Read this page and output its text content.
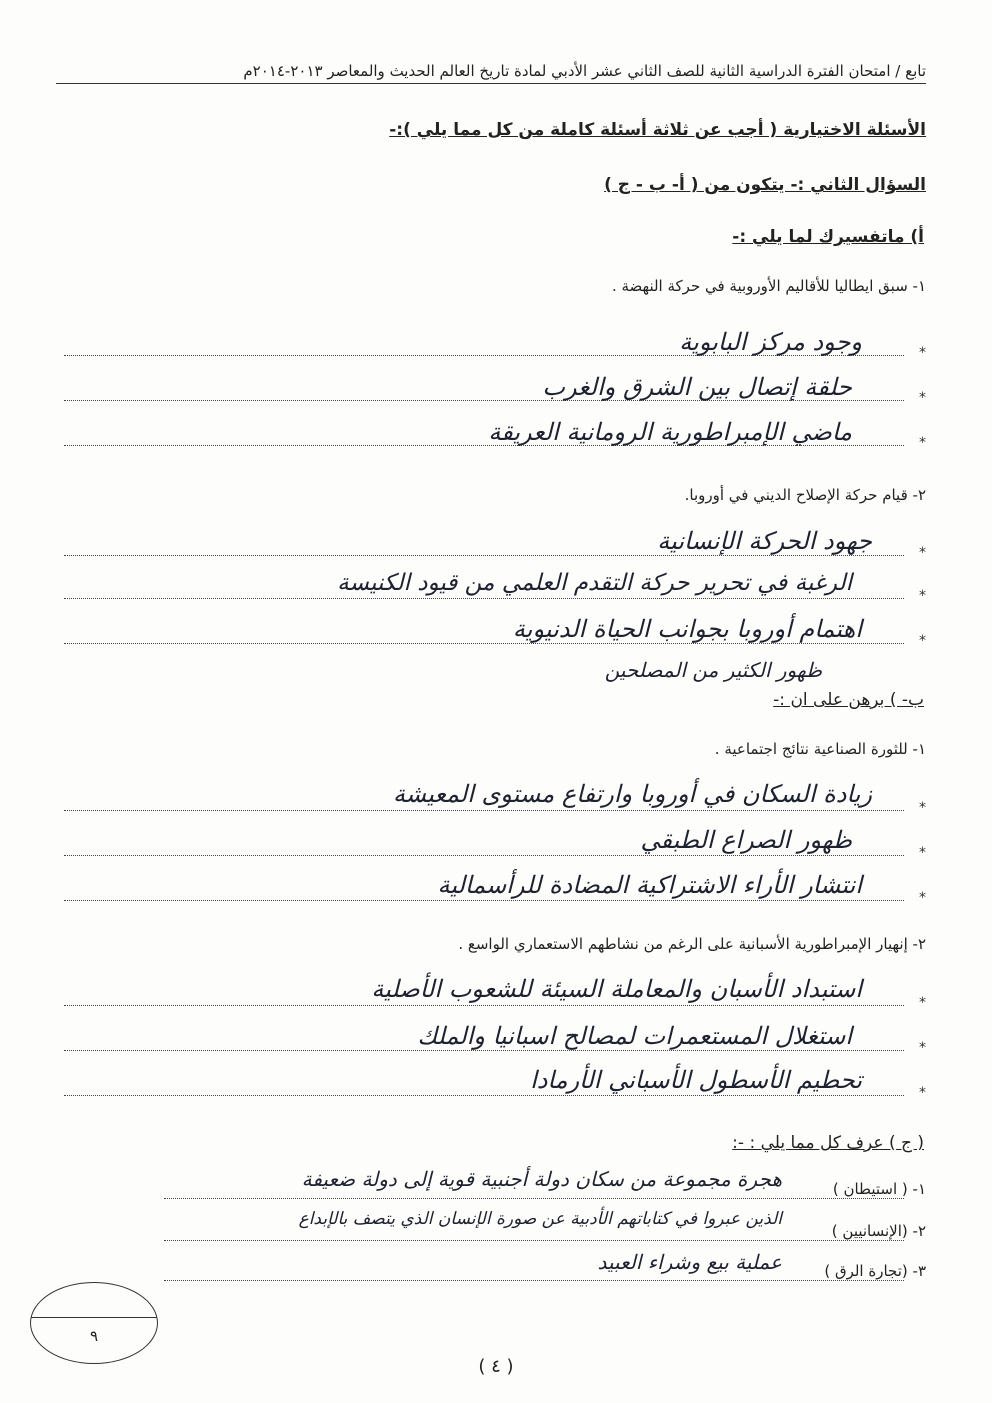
تابع / امتحان الفترة الدراسية الثانية للصف الثاني عشر الأدبي لمادة تاريخ العالم الحديث والمعاصر ٢٠١٣-٢٠١٤م
الأسئلة الاختيارية ( أجب عن ثلاثة أسئلة كاملة من كل مما يلي ):-
السؤال الثاني :- يتكون من ( أ- ب - ج )
أ) ماتفسيرك لما يلي :-
١- سبق ايطاليا للأقاليم الأوروبية في حركة النهضة .
*
*
*
وجود مركز البابوية
حلقة إتصال بين الشرق والغرب
ماضي الإمبراطورية الرومانية العريقة
٢- قيام حركة الإصلاح الديني في أوروبا.
*
*
*
جهود الحركة الإنسانية
الرغبة في تحرير حركة التقدم العلمي من قيود الكنيسة
اهتمام أوروبا بجوانب الحياة الدنيوية
ظهور الكثير من المصلحين
ب- ) برهن على ان :-
١- للثورة الصناعية نتائج اجتماعية .
*
*
*
زيادة السكان في أوروبا وارتفاع مستوى المعيشة
ظهور الصراع الطبقي
انتشار الأراء الاشتراكية المضادة للرأسمالية
٢- إنهيار الإمبراطورية الأسبانية على الرغم من نشاطهم الاستعماري الواسع .
*
*
*
استبداد الأسبان والمعاملة السيئة للشعوب الأصلية
استغلال المستعمرات لمصالح اسبانيا والملك
تحطيم الأسطول الأسباني الأرمادا
( ج ) عرف كل مما يلي : -:
١- ( استيطان )
هجرة مجموعة من سكان دولة أجنبية قوية إلى دولة ضعيفة
٢- (الإنسانيين )
الذين عبروا في كتاباتهم الأدبية عن صورة الإنسان الذي يتصف بالإبداع
٣- (تجارة الرق )
عملية بيع وشراء العبيد
٩
( ٤ )
